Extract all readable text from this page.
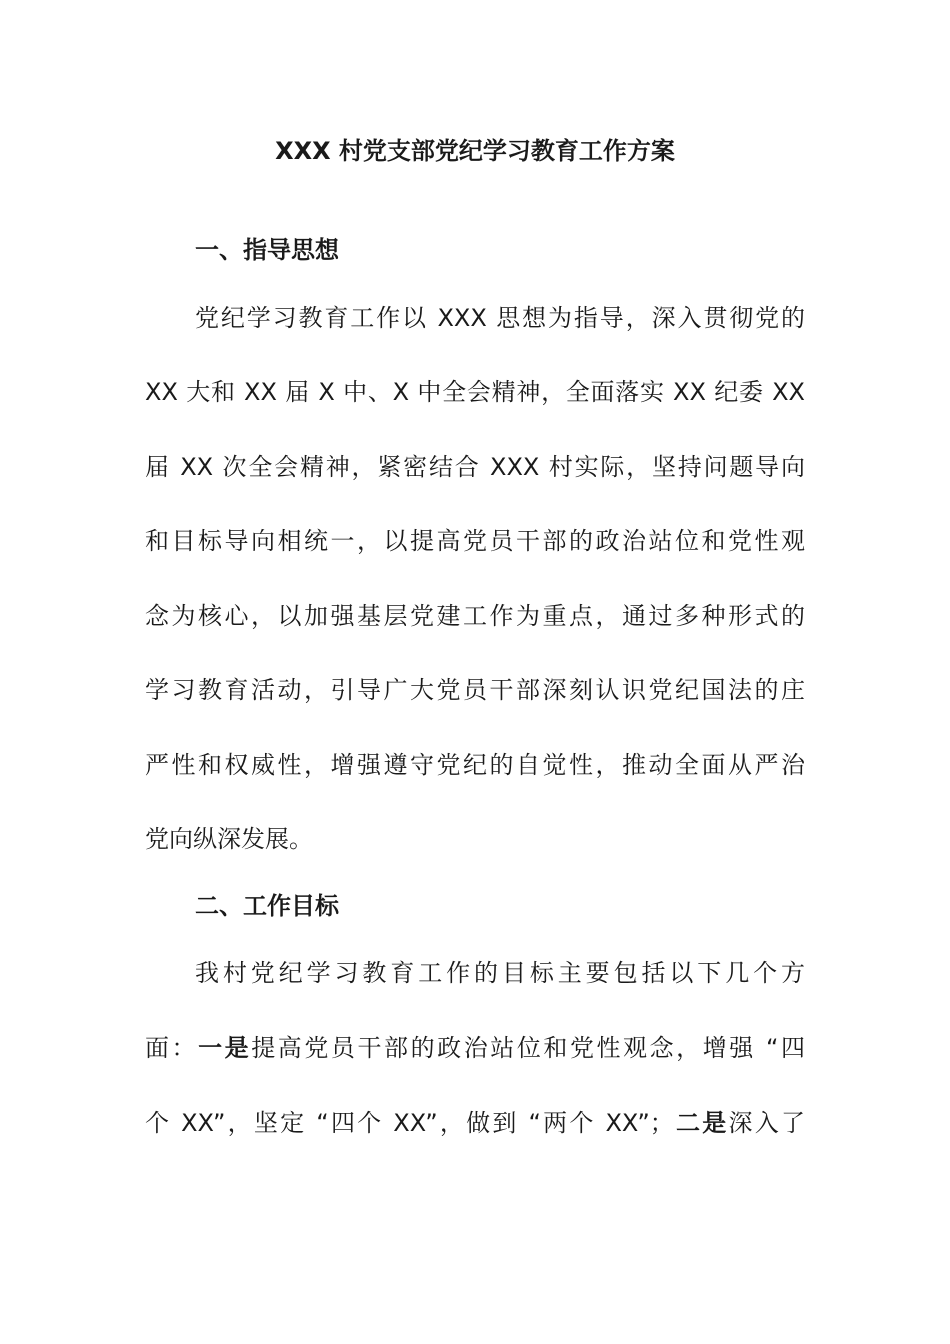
XXX 村党支部党纪学习教育工作方案
一、指导思想
党纪学习教育工作以 XXX 思想为指导，深入贯彻党的
XX 大和 XX 届 X 中、X 中全会精神，全面落实 XX 纪委 XX
届 XX 次全会精神，紧密结合 XXX 村实际，坚持问题导向
和目标导向相统一，以提高党员干部的政治站位和党性观
念为核心，以加强基层党建工作为重点，通过多种形式的
学习教育活动，引导广大党员干部深刻认识党纪国法的庄
严性和权威性，增强遵守党纪的自觉性，推动全面从严治
党向纵深发展。
二、工作目标
我村党纪学习教育工作的目标主要包括以下几个方
面：一是提高党员干部的政治站位和党性观念，增强 “四
个 XX”，坚定 “四个 XX”，做到 “两个 XX”；二是深入了
